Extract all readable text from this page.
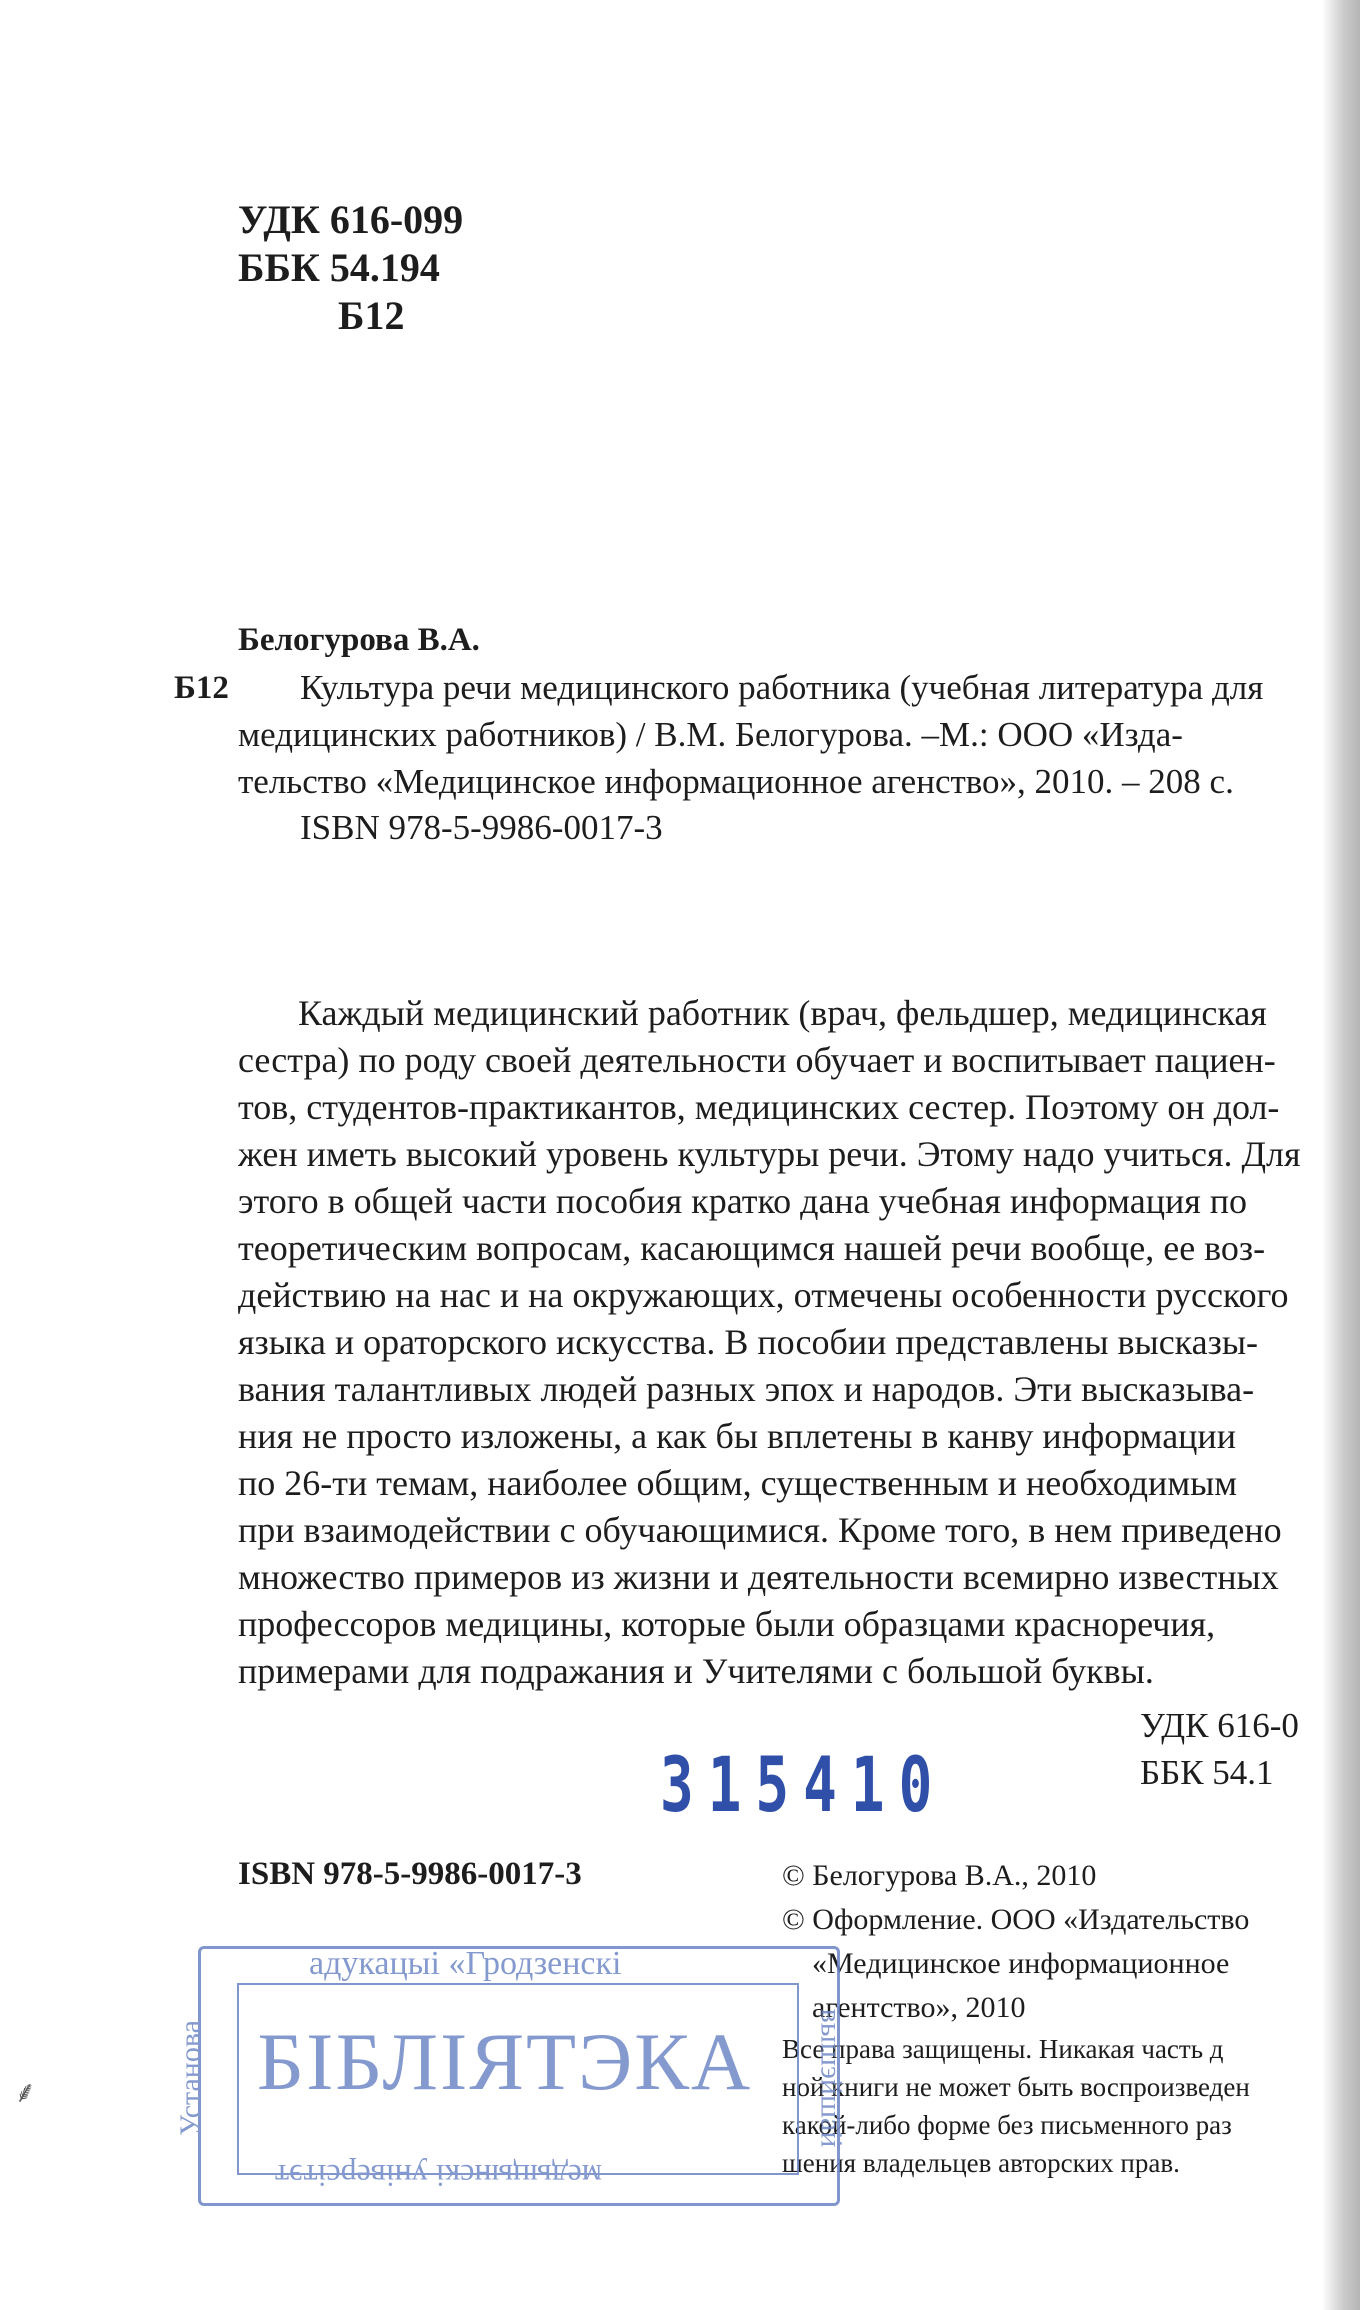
УДК 616-099
ББК 54.194
Б12
Белогурова В.А.
Б12	Культура речи медицинского работника (учебная литература для
медицинских работников) / В.М. Белогурова. –М.: ООО «Изда-
тельство «Медицинское информационное агенство», 2010. – 208 с.
ISBN 978-5-9986-0017-3
Каждый медицинский работник (врач, фельдшер, медицинская
сестра) по роду своей деятельности обучает и воспитывает пациен-
тов, студентов-практикантов, медицинских сестер. Поэтому он дол-
жен иметь высокий уровень культуры речи. Этому надо учиться. Для
этого в общей части пособия кратко дана учебная информация по
теоретическим вопросам, касающимся нашей речи вообще, ее воз-
действию на нас и на окружающих, отмечены особенности русского
языка и ораторского искусства. В пособии представлены высказы-
вания талантливых людей разных эпох и народов. Эти высказыва-
ния не просто изложены, а как бы вплетены в канву информации
по 26-ти темам, наиболее общим, существенным и необходимым
при взаимодействии с обучающимися. Кроме того, в нем приведено
множество примеров из жизни и деятельности всемирно известных
профессоров медицины, которые были образцами красноречия,
примерами для подражания и Учителями с большой буквы.
УДК 616-0
ББК 54.1
315410
ISBN 978-5-9986-0017-3	© Белогурова В.А., 2010
© Оформление. ООО «Издательство
«Медицинское информационное
агентство», 2010
Все права защищены. Никакая часть д
ной книги не может быть воспроизведен
какой-либо форме без письменного раз
шения владельцев авторских прав.
адукацыі «Гродзенскі
Установа	вышэйшай
БІБЛІЯТЭКА
медыцынскі універсітэт
⸙
